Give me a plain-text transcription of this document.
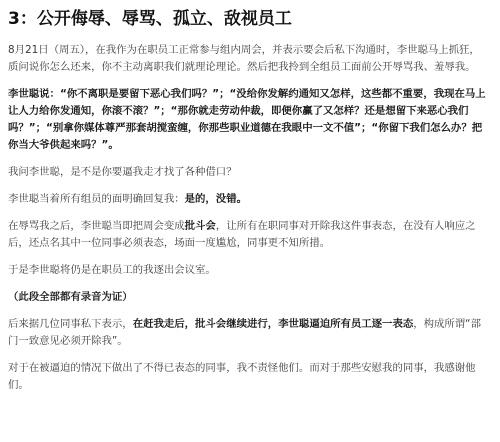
3：公开侮辱、辱骂、孤立、敌视员工
8月21日（周五），在我作为在职员工正常参与组内周会，并表示要会后私下沟通时，李世聪马上抓狂，质问说你怎么还来，你不主动离职我们就理论理论。然后把我拎到全组员工面前公开辱骂我、羞辱我。
李世聪说：“你不离职是要留下恶心我们吗？”；“没给你发解约通知又怎样，这些都不重要，我现在马上让人力给你发通知，你滚不滚？”；“那你就走劳动仲裁，即便你赢了又怎样？还是想留下来恶心我们吗？”；“别拿你媒体尊严那套胡搅蛮缠，你那些职业道德在我眼中一文不值”；“你留下我们怎么办？把你当大爷供起来吗？”。
我问李世聪，是不是你要逼我走才找了各种借口？
李世聪当着所有组员的面明确回复我：是的，没错。
在辱骂我之后，李世聪当即把周会变成批斗会，让所有在职同事对开除我这件事表态，在没有人响应之后，还点名其中一位同事必须表态，场面一度尴尬，同事更不知所措。
于是李世聪将仍是在职员工的我逐出会议室。
（此段全部都有录音为证）
后来据几位同事私下表示，在赶我走后，批斗会继续进行，李世聪逼迫所有员工逐一表态，构成所谓“部门一致意见必须开除我”。
对于在被逼迫的情况下做出了不得已表态的同事，我不责怪他们。而对于那些安慰我的同事，我感谢他们。
